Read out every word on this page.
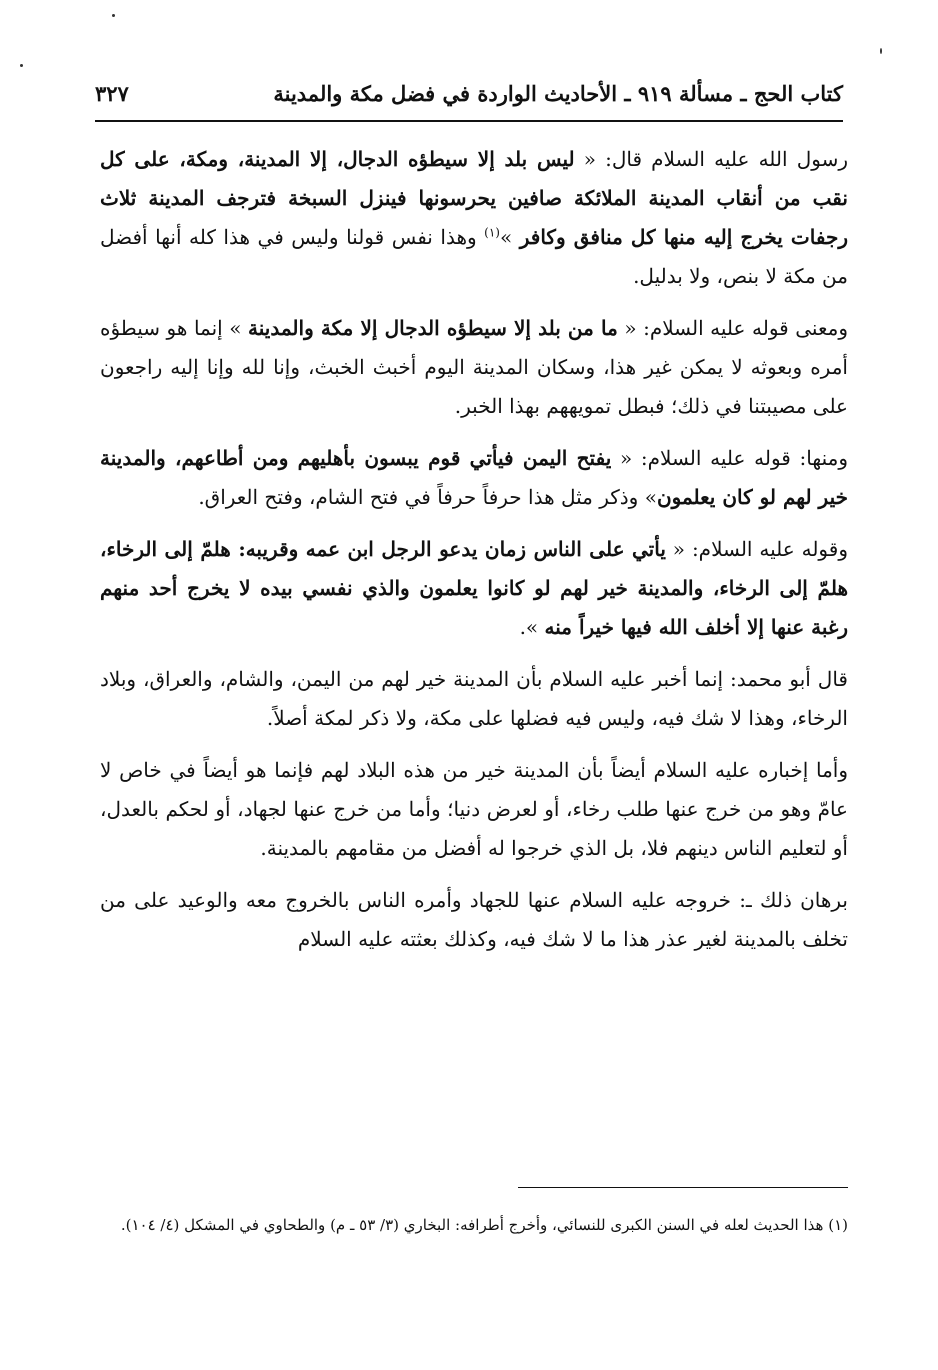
كتاب الحج ـ مسألة ٩١٩ ـ الأحاديث الواردة في فضل مكة والمدينة
٣٢٧

رسول الله عليه السلام قال: « ليس بلد إلا سيطؤه الدجال، إلا المدينة، ومكة، على كل نقب من أنقاب المدينة الملائكة صافين يحرسونها فينزل السبخة فترجف المدينة ثلاث رجفات يخرج إليه منها كل منافق وكافر »$^{(١)}$ وهذا نفس قولنا وليس في هذا كله أنها أفضل من مكة لا بنص، ولا بدليل.

ومعنى قوله عليه السلام: « ما من بلد إلا سيطؤه الدجال إلا مكة والمدينة » إنما هو سيطؤه أمره وبعوثه لا يمكن غير هذا، وسكان المدينة اليوم أخبث الخبث، وإنا لله وإنا إليه راجعون على مصيبتنا في ذلك؛ فبطل تمويههم بهذا الخبر.

ومنها: قوله عليه السلام: « يفتح اليمن فيأتي قوم يبسون بأهليهم ومن أطاعهم، والمدينة خير لهم لو كان يعلمون» وذكر مثل هذا حرفاً حرفاً في فتح الشام، وفتح العراق.

وقوله عليه السلام: « يأتي على الناس زمان يدعو الرجل ابن عمه وقريبه: هلمّ إلى الرخاء، هلمّ إلى الرخاء، والمدينة خير لهم لو كانوا يعلمون والذي نفسي بيده لا يخرج أحد منهم رغبة عنها إلا أخلف الله فيها خيراً منه ».

قال أبو محمد: إنما أخبر عليه السلام بأن المدينة خير لهم من اليمن، والشام، والعراق، وبلاد الرخاء، وهذا لا شك فيه، وليس فيه فضلها على مكة، ولا ذكر لمكة أصلاً.

وأما إخباره عليه السلام أيضاً بأن المدينة خير من هذه البلاد لهم فإنما هو أيضاً في خاص لا عامّ وهو من خرج عنها طلب رخاء، أو لعرض دنيا؛ وأما من خرج عنها لجهاد، أو لحكم بالعدل، أو لتعليم الناس دينهم فلا، بل الذي خرجوا له أفضل من مقامهم بالمدينة.

برهان ذلك ـ: خروجه عليه السلام عنها للجهاد وأمره الناس بالخروج معه والوعيد على من تخلف بالمدينة لغير عذر هذا ما لا شك فيه، وكذلك بعثته عليه السلام

(١) هذا الحديث لعله في السنن الكبرى للنسائي، وأخرج أطرافه: البخاري (٣/ ٥٣ ـ م) والطحاوي في المشكل (٤/ ١٠٤).
